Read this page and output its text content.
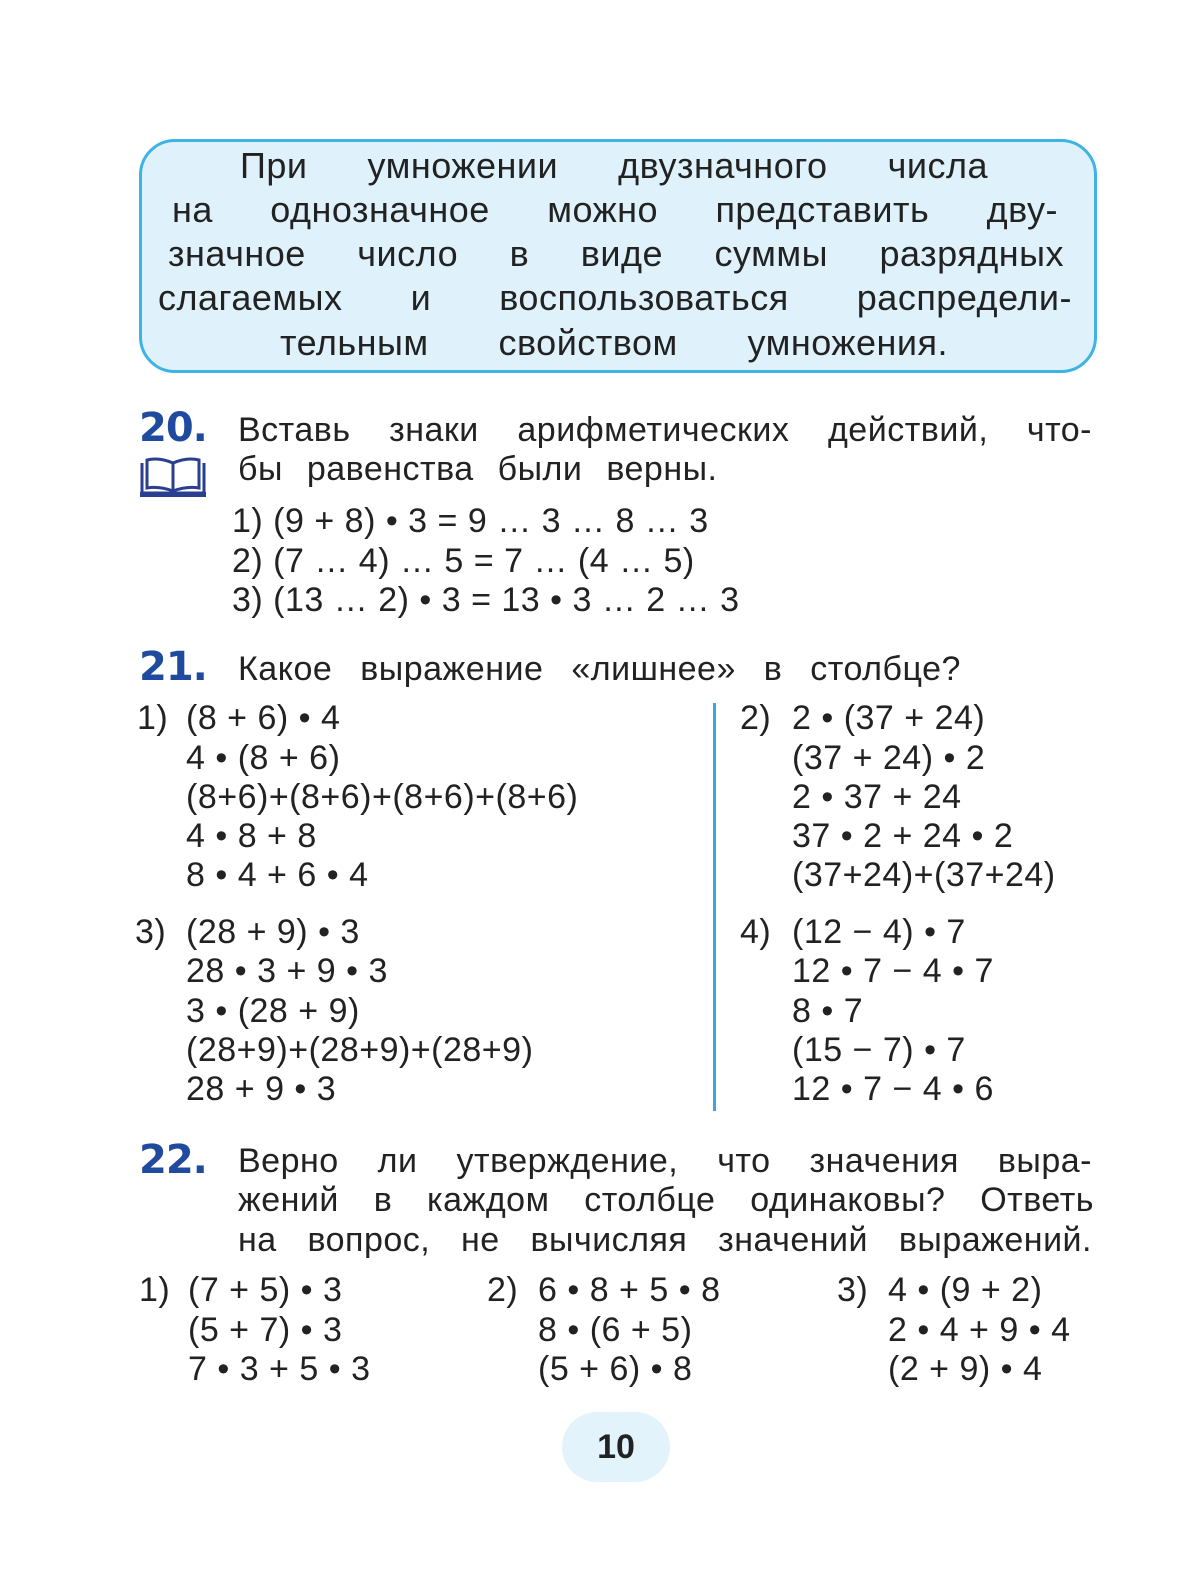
При умножении двузначного числа
на однозначное можно представить дву-
значное число в виде суммы разрядных
слагаемых и воспользоваться распредели-
тельным свойством умножения.
20. Вставь знаки арифметических действий, что-
бы равенства были верны.
1) (9 + 8) • 3 = 9 … 3 … 8 … 3
2) (7 … 4) … 5 = 7 … (4 … 5)
3) (13 … 2) • 3 = 13 • 3 … 2 … 3
21. Какое выражение «лишнее» в столбце?
1) (8 + 6) • 4
4 • (8 + 6)
(8+6)+(8+6)+(8+6)+(8+6)
4 • 8 + 8
8 • 4 + 6 • 4
2) 2 • (37 + 24)
(37 + 24) • 2
2 • 37 + 24
37 • 2 + 24 • 2
(37+24)+(37+24)
3) (28 + 9) • 3
28 • 3 + 9 • 3
3 • (28 + 9)
(28+9)+(28+9)+(28+9)
28 + 9 • 3
4) (12 − 4) • 7
12 • 7 − 4 • 7
8 • 7
(15 − 7) • 7
12 • 7 − 4 • 6
22. Верно ли утверждение, что значения выра-
жений в каждом столбце одинаковы? Ответь
на вопрос, не вычисляя значений выражений.
1) (7 + 5) • 3
(5 + 7) • 3
7 • 3 + 5 • 3
2) 6 • 8 + 5 • 8
8 • (6 + 5)
(5 + 6) • 8
3) 4 • (9 + 2)
2 • 4 + 9 • 4
(2 + 9) • 4
10
